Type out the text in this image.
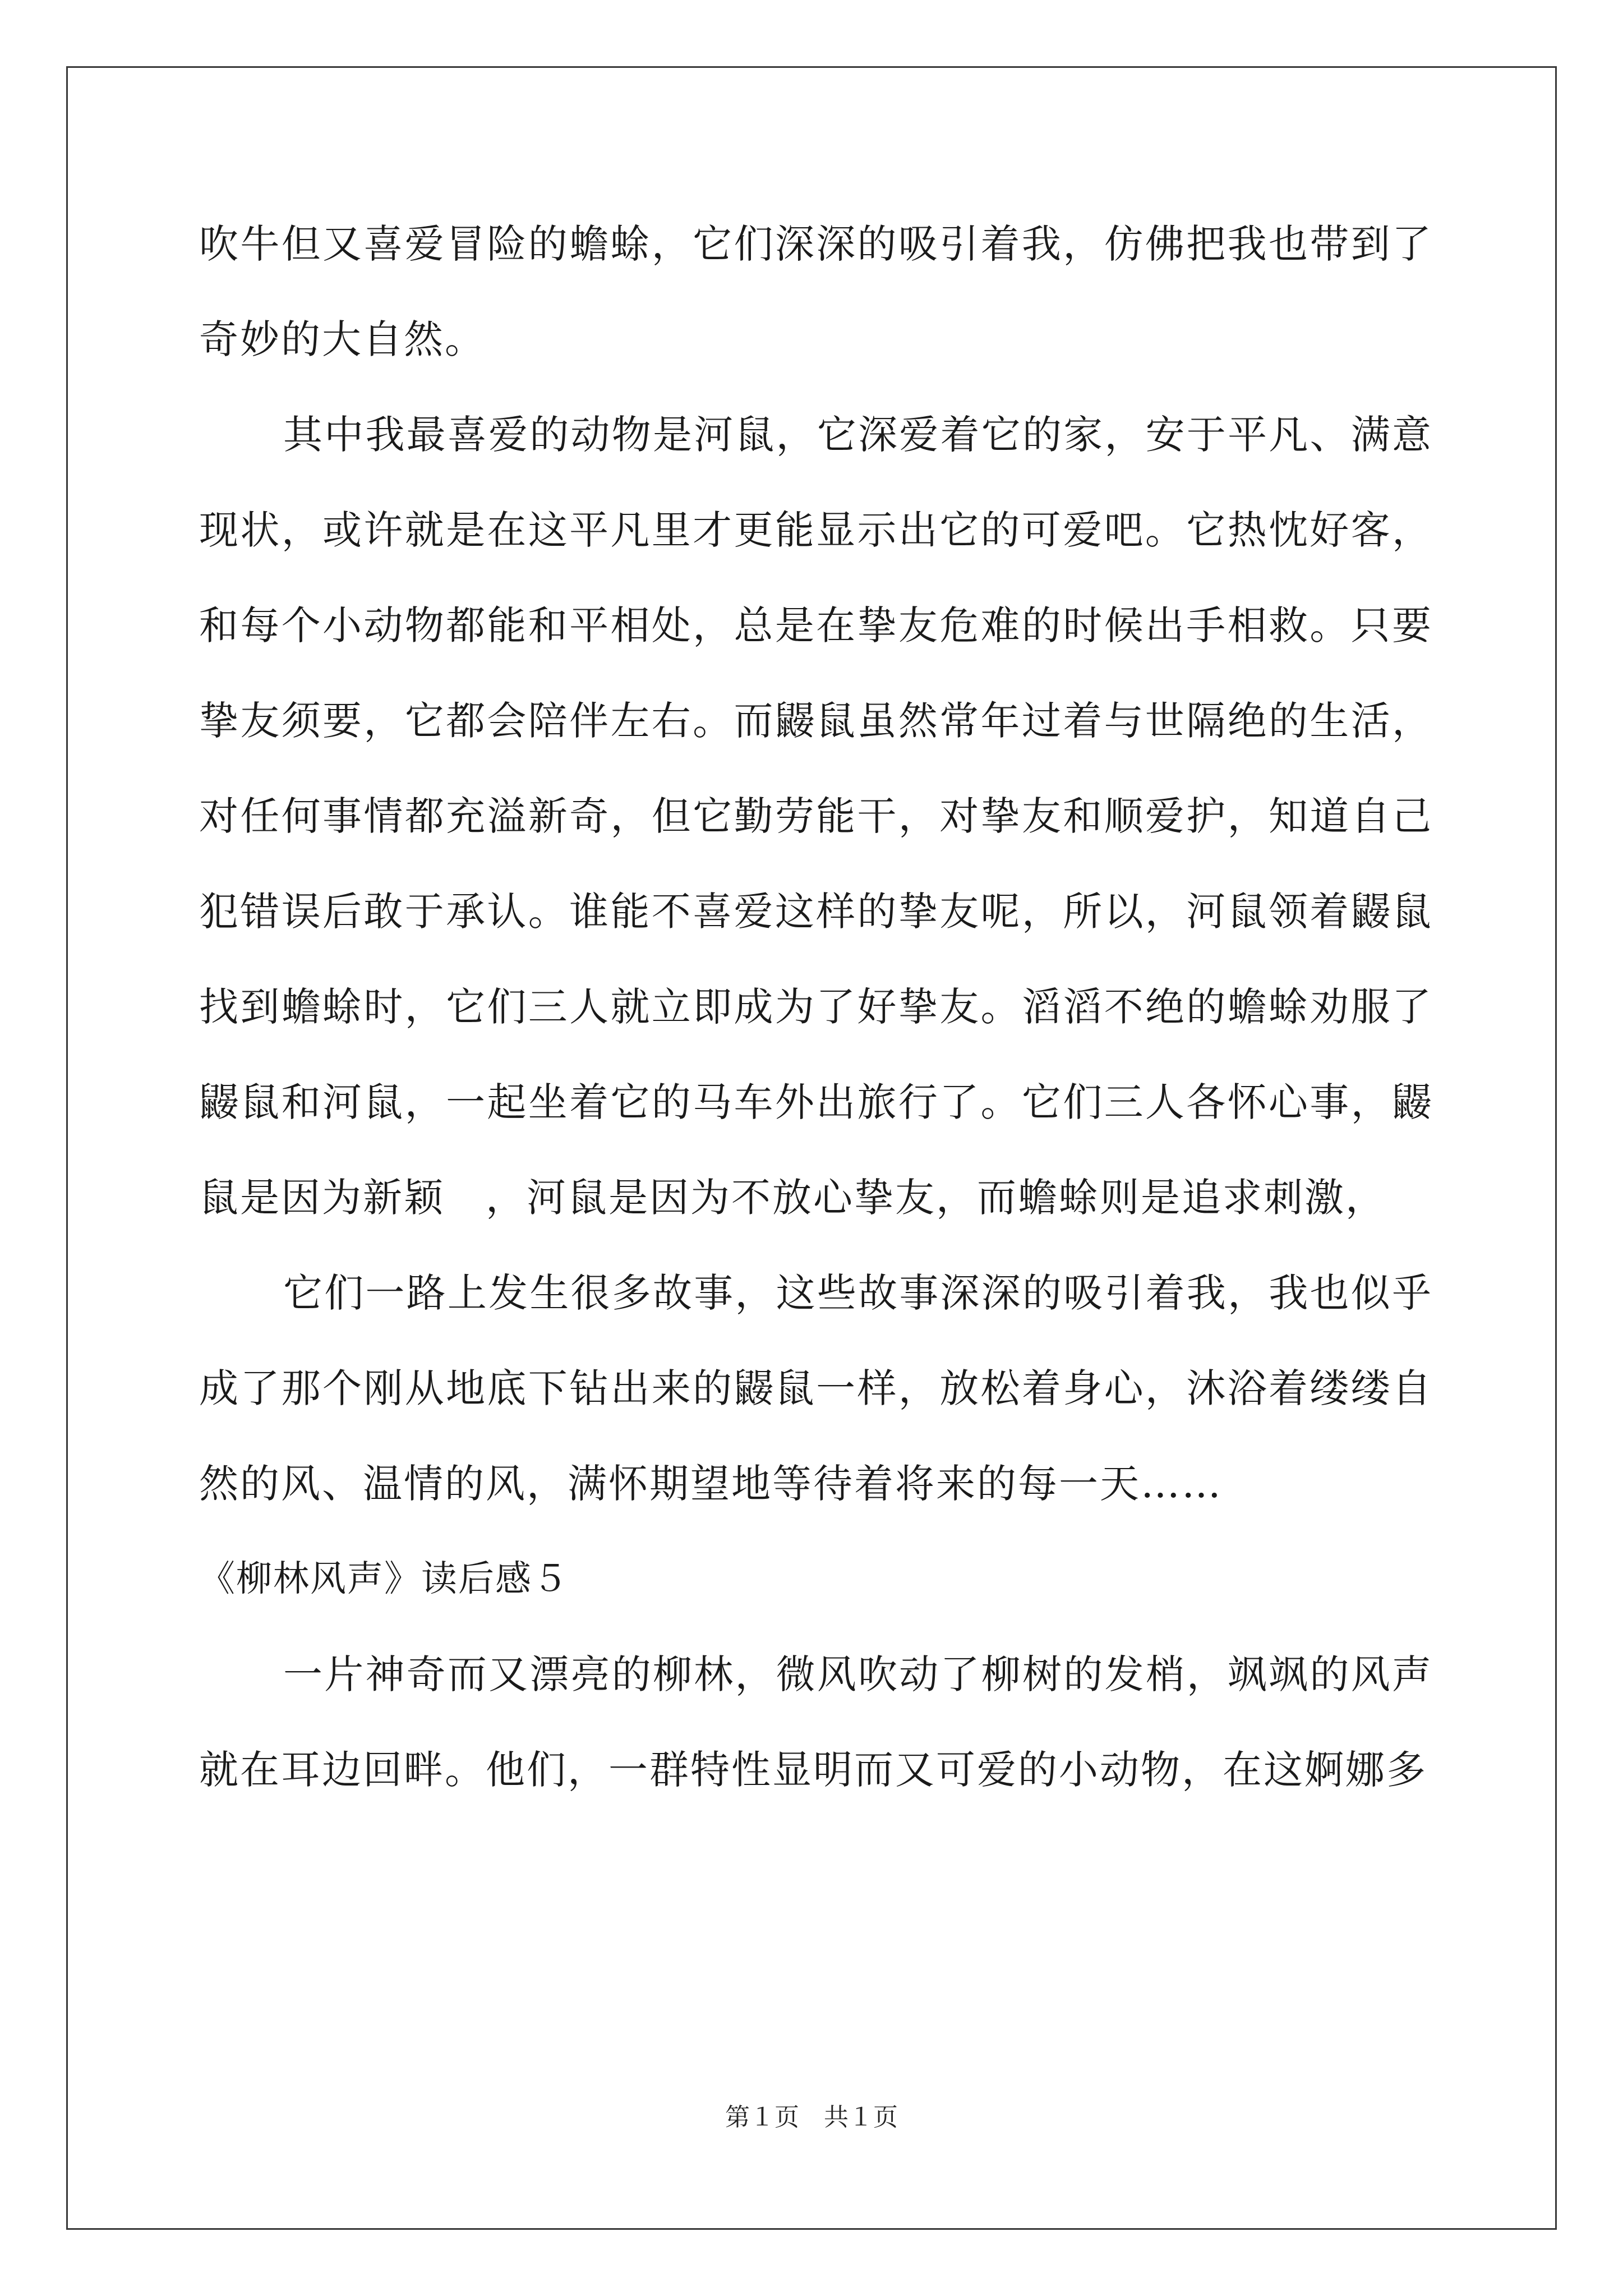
吹牛但又喜爱冒险的蟾蜍，它们深深的吸引着我，仿佛把我也带到了奇妙的大自然。

其中我最喜爱的动物是河鼠，它深爱着它的家，安于平凡、满意现状，或许就是在这平凡里才更能显示出它的可爱吧。它热忱好客，和每个小动物都能和平相处，总是在挚友危难的时候出手相救。只要挚友须要，它都会陪伴左右。而鼹鼠虽然常年过着与世隔绝的生活，对任何事情都充溢新奇，但它勤劳能干，对挚友和顺爱护，知道自己犯错误后敢于承认。谁能不喜爱这样的挚友呢，所以，河鼠领着鼹鼠找到蟾蜍时，它们三人就立即成为了好挚友。滔滔不绝的蟾蜍劝服了鼹鼠和河鼠，一起坐着它的马车外出旅行了。它们三人各怀心事，鼹鼠是因为新颖　，河鼠是因为不放心挚友，而蟾蜍则是追求刺激，

它们一路上发生很多故事，这些故事深深的吸引着我，我也似乎成了那个刚从地底下钻出来的鼹鼠一样，放松着身心，沐浴着缕缕自然的风、温情的风，满怀期望地等待着将来的每一天……

《柳林风声》读后感５

一片神奇而又漂亮的柳林，微风吹动了柳树的发梢，飒飒的风声就在耳边回畔。他们，一群特性显明而又可爱的小动物，在这婀娜多

第１页　共１页
